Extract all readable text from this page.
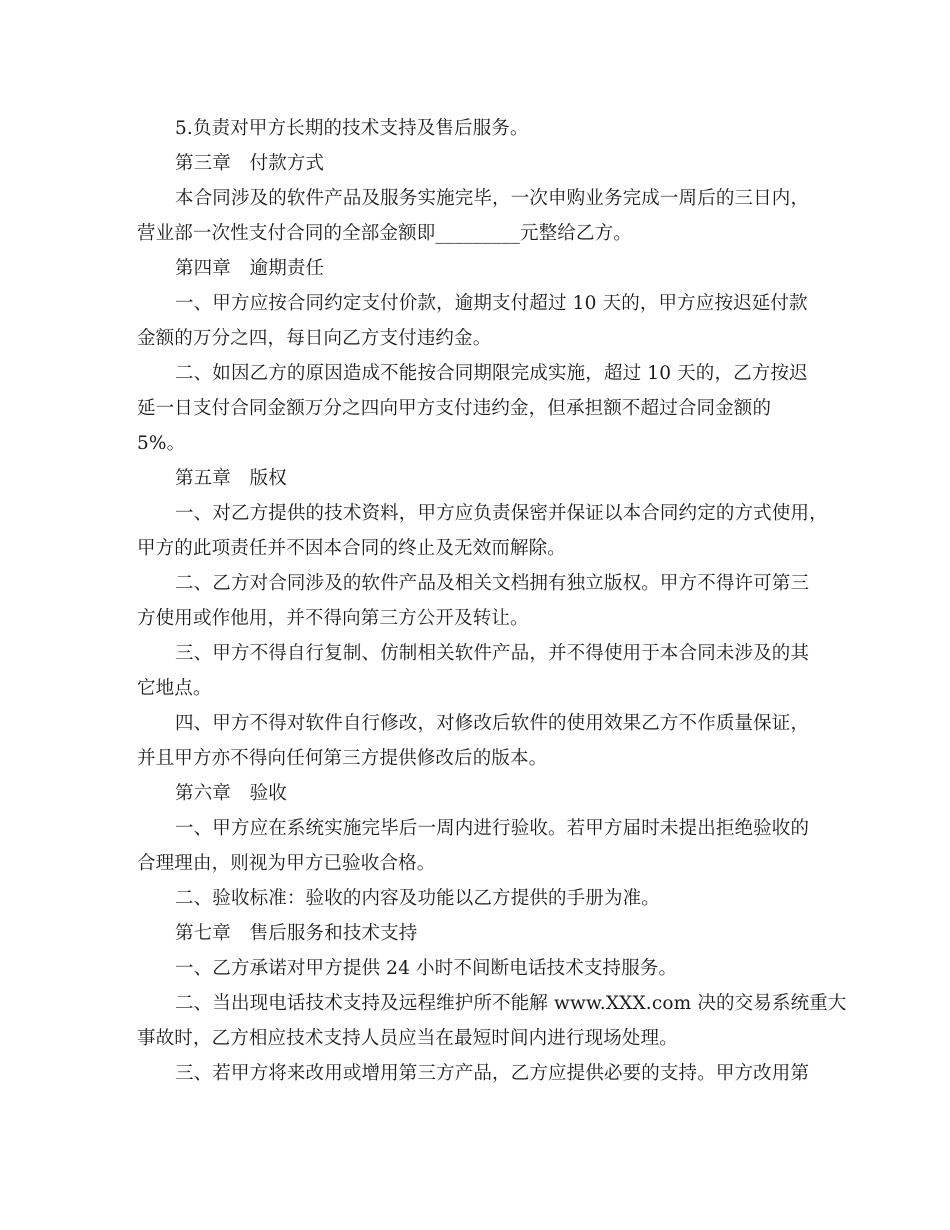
5.负责对甲方长期的技术支持及售后服务。
第三章　付款方式
本合同涉及的软件产品及服务实施完毕，一次申购业务完成一周后的三日内，
营业部一次性支付合同的全部金额即_________元整给乙方。
第四章　逾期责任
一、甲方应按合同约定支付价款，逾期支付超过 10 天的，甲方应按迟延付款
金额的万分之四，每日向乙方支付违约金。
二、如因乙方的原因造成不能按合同期限完成实施，超过 10 天的，乙方按迟
延一日支付合同金额万分之四向甲方支付违约金，但承担额不超过合同金额的
5%。
第五章　版权
一、对乙方提供的技术资料，甲方应负责保密并保证以本合同约定的方式使用，
甲方的此项责任并不因本合同的终止及无效而解除。
二、乙方对合同涉及的软件产品及相关文档拥有独立版权。甲方不得许可第三
方使用或作他用，并不得向第三方公开及转让。
三、甲方不得自行复制、仿制相关软件产品，并不得使用于本合同未涉及的其
它地点。
四、甲方不得对软件自行修改，对修改后软件的使用效果乙方不作质量保证，
并且甲方亦不得向任何第三方提供修改后的版本。
第六章　验收
一、甲方应在系统实施完毕后一周内进行验收。若甲方届时未提出拒绝验收的
合理理由，则视为甲方已验收合格。
二、验收标准：验收的内容及功能以乙方提供的手册为准。
第七章　售后服务和技术支持
一、乙方承诺对甲方提供 24 小时不间断电话技术支持服务。
二、当出现电话技术支持及远程维护所不能解 www.XXX.com 决的交易系统重大
事故时，乙方相应技术支持人员应当在最短时间内进行现场处理。
三、若甲方将来改用或增用第三方产品，乙方应提供必要的支持。甲方改用第
